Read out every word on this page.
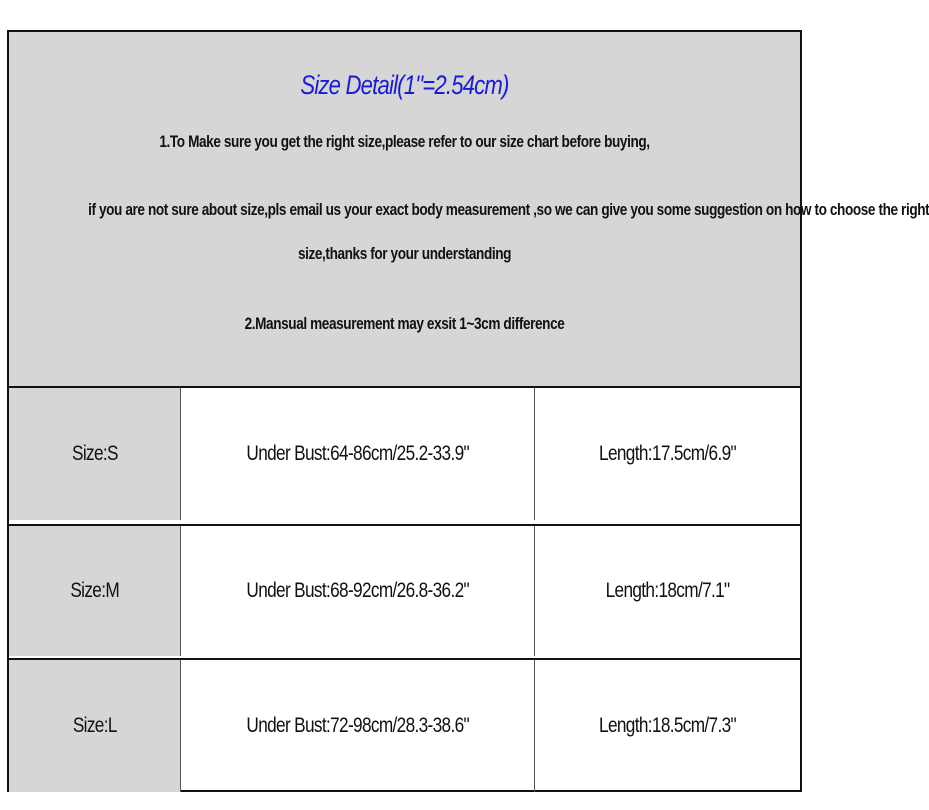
Size Detail(1"=2.54cm)
1.To Make sure you get the right size,please refer to our size chart before buying,
if you are not sure about size,pls email us your exact body measurement ,so we can give you some suggestion on how to choose the right
size,thanks for your understanding
2.Mansual measurement may exsit 1~3cm difference
Size:S	Under Bust:64-86cm/25.2-33.9"	Length:17.5cm/6.9"
Size:M	Under Bust:68-92cm/26.8-36.2"	Length:18cm/7.1"
Size:L	Under Bust:72-98cm/28.3-38.6"	Length:18.5cm/7.3"
